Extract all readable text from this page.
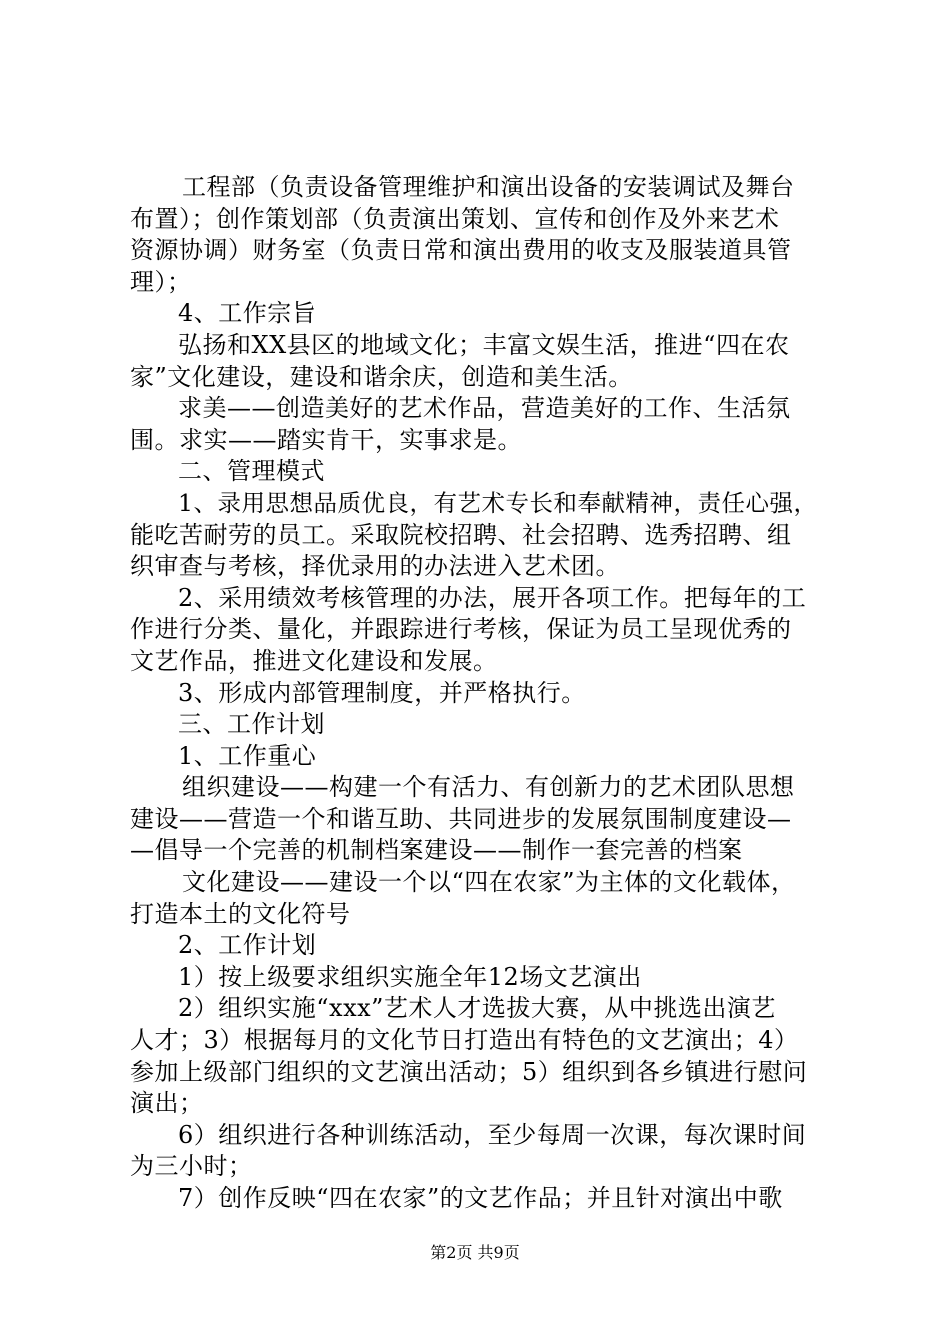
工程部（负责设备管理维护和演出设备的安装调试及舞台
布置）；创作策划部（负责演出策划、宣传和创作及外来艺术
资源协调）财务室（负责日常和演出费用的收支及服装道具管
理）；
4、工作宗旨
弘扬和XX县区的地域文化；丰富文娱生活，推进“四在农
家”文化建设，建设和谐余庆，创造和美生活。
求美——创造美好的艺术作品，营造美好的工作、生活氛
围。求实——踏实肯干，实事求是。
二、管理模式
1、录用思想品质优良，有艺术专长和奉献精神，责任心强，
能吃苦耐劳的员工。采取院校招聘、社会招聘、选秀招聘、组
织审查与考核，择优录用的办法进入艺术团。
2、采用绩效考核管理的办法，展开各项工作。把每年的工
作进行分类、量化，并跟踪进行考核，保证为员工呈现优秀的
文艺作品，推进文化建设和发展。
3、形成内部管理制度，并严格执行。
三、工作计划
1、工作重心
组织建设——构建一个有活力、有创新力的艺术团队思想
建设——营造一个和谐互助、共同进步的发展氛围制度建设—
—倡导一个完善的机制档案建设——制作一套完善的档案
文化建设——建设一个以“四在农家”为主体的文化载体，
打造本土的文化符号
2、工作计划
1）按上级要求组织实施全年12场文艺演出
2）组织实施“xxx”艺术人才选拔大赛，从中挑选出演艺
人才；3）根据每月的文化节日打造出有特色的文艺演出；4）
参加上级部门组织的文艺演出活动；5）组织到各乡镇进行慰问
演出；
6）组织进行各种训练活动，至少每周一次课，每次课时间
为三小时；
7）创作反映“四在农家”的文艺作品；并且针对演出中歌
第2页 共9页
